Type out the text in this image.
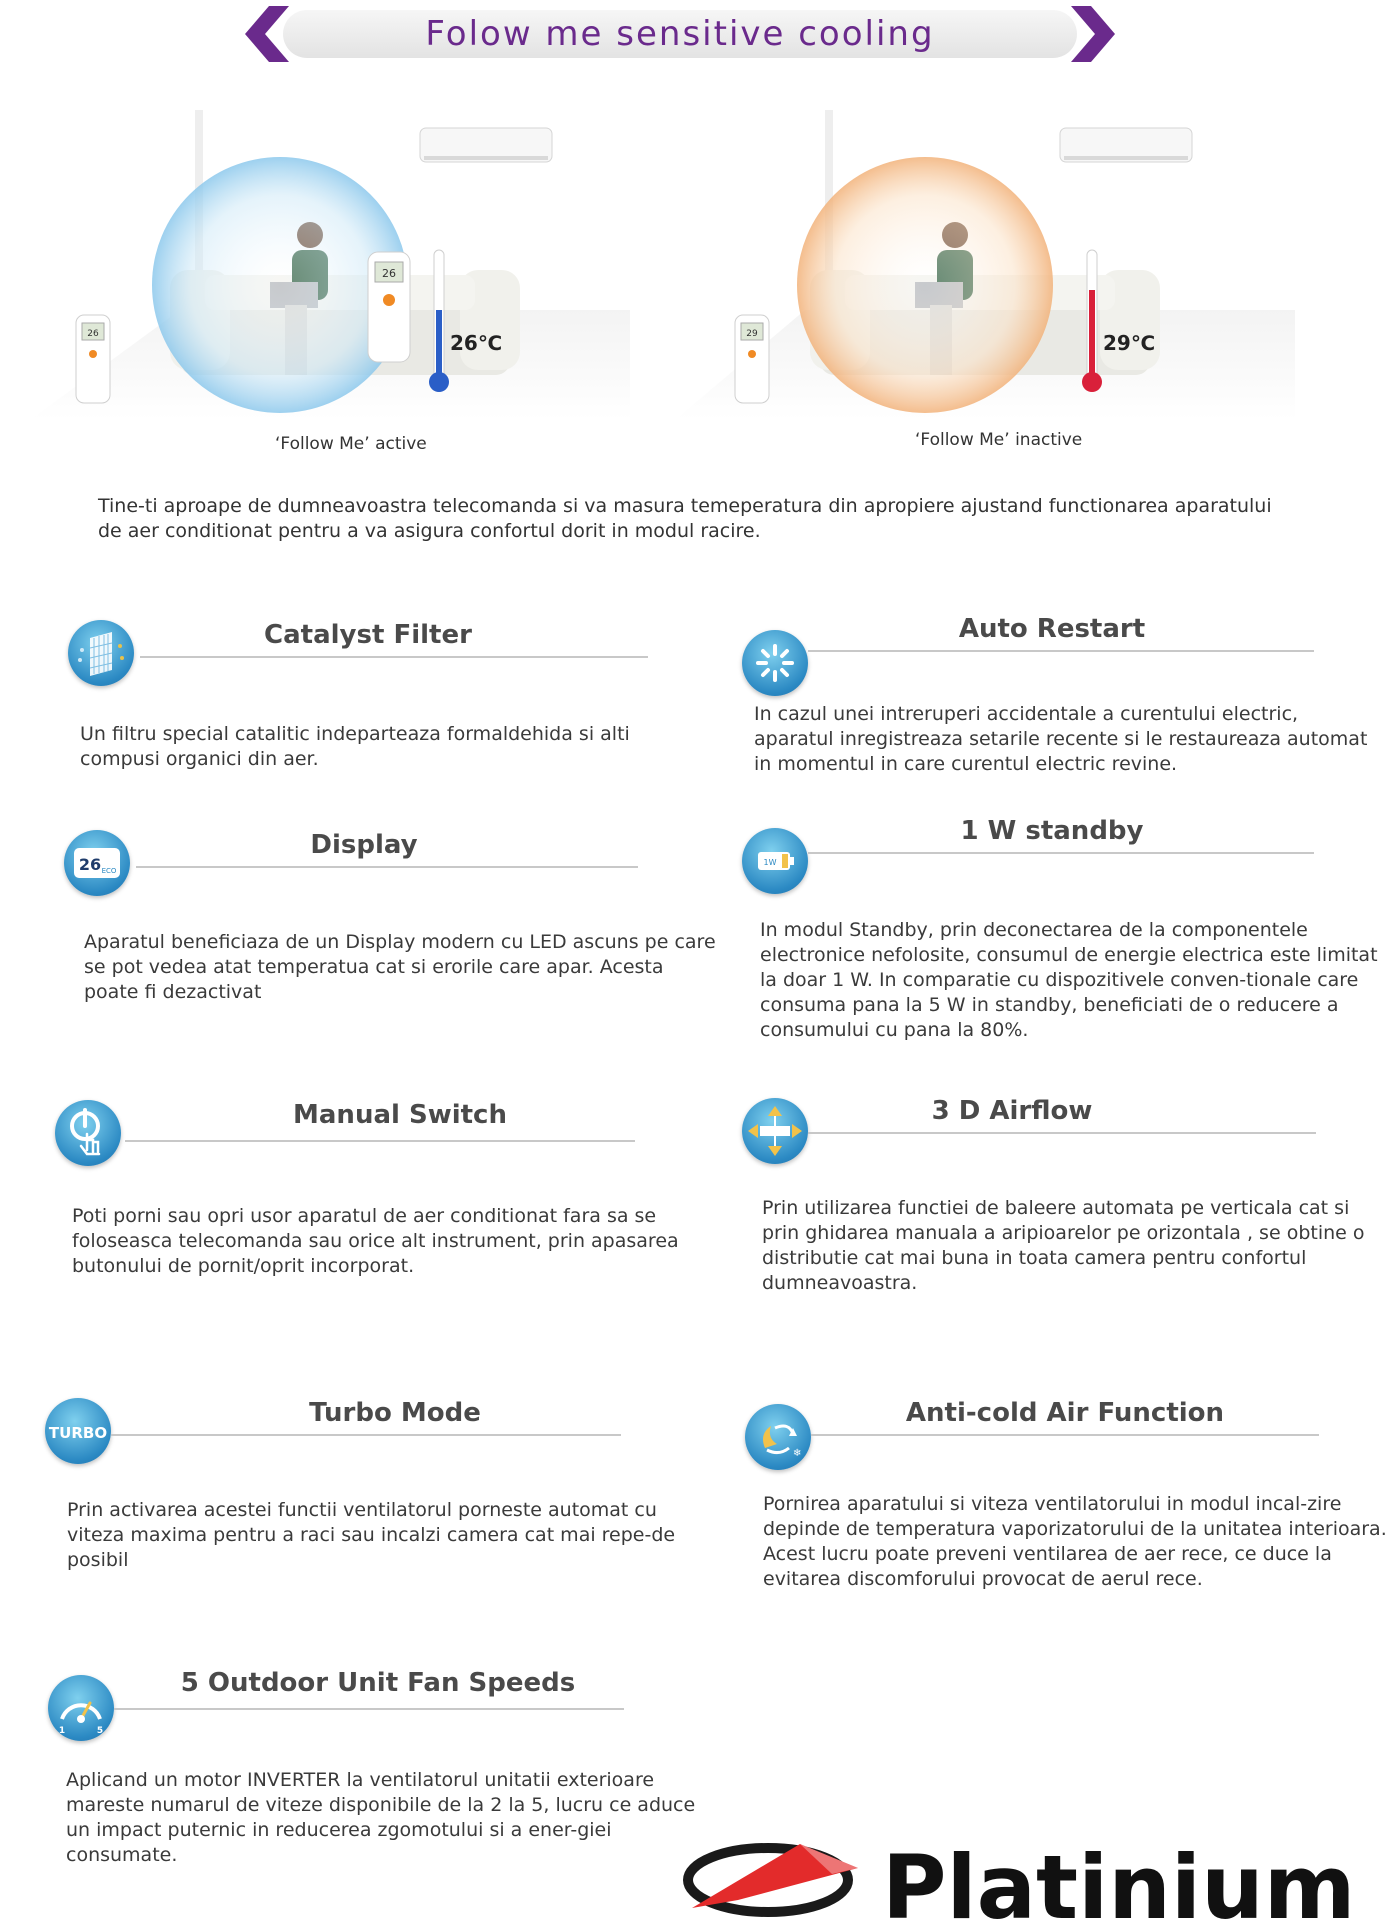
Folow me sensitive cooling
26
26℃
26
‘Follow Me’ active
29℃
29
‘Follow Me’ inactive
Tine-ti aproape de dumneavoastra telecomanda si va masura temeperatura din apropiere ajustand functionarea aparatului de aer conditionat pentru a va asigura confortul dorit in modul racire.
Catalyst Filter
Un filtru special catalitic indeparteaza formaldehida si alti compusi organici din aer.
Auto Restart
In cazul unei intreruperi accidentale a curentului electric, aparatul inregistreaza setarile recente si le restaureaza automat in momentul in care curentul electric revine.
26 ECO
Display
Aparatul beneficiaza de un Display modern cu LED ascuns pe care se pot vedea atat temperatua cat si erorile care apar. Acesta poate fi dezactivat
1W
1 W standby
In modul Standby, prin deconectarea de la componentele electronice nefolosite, consumul de energie electrica este limitat la doar 1 W. In comparatie cu dispozitivele conven-tionale care consuma pana la 5 W in standby, beneficiati de o reducere a consumului cu pana la 80%.
Manual Switch
Poti porni sau opri usor aparatul de aer conditionat fara sa se foloseasca telecomanda sau orice alt instrument, prin apasarea butonului de pornit/oprit incorporat.
3 D Airflow
Prin utilizarea functiei de baleere automata pe verticala cat si prin ghidarea manuala a aripioarelor pe orizontala , se obtine o distributie cat mai buna in toata camera pentru confortul dumneavoastra.
TURBO
Turbo Mode
Prin activarea acestei functii ventilatorul porneste automat cu viteza maxima pentru a raci sau incalzi camera cat mai repe-de posibil
❄
Anti-cold Air Function
Pornirea aparatului si viteza ventilatorului in modul incal-zire depinde de temperatura vaporizatorului de la unitatea interioara. Acest lucru poate preveni ventilarea de aer rece, ce duce la evitarea discomforului provocat de aerul rece.
1	5
5 Outdoor Unit Fan Speeds
Aplicand un motor INVERTER la ventilatorul unitatii exterioare mareste numarul de viteze disponibile de la 2 la 5, lucru ce aduce un impact puternic in reducerea zgomotului si a ener-giei consumate.	Platinium
